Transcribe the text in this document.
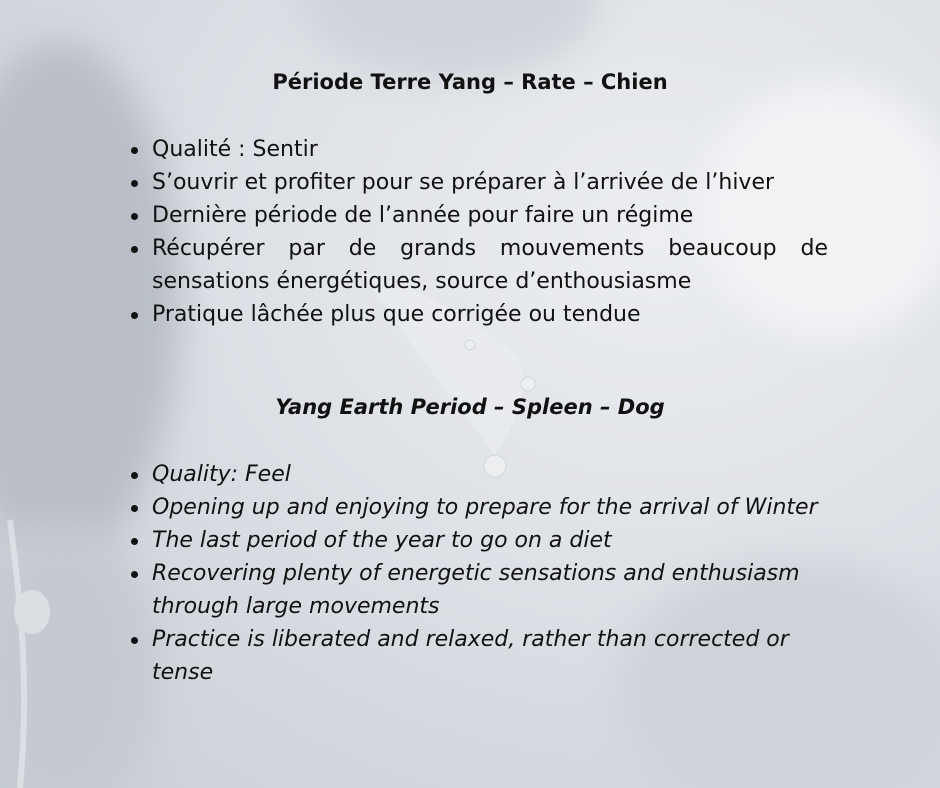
Période Terre Yang – Rate – Chien
Qualité : Sentir
S’ouvrir et profiter pour se préparer à l’arrivée de l’hiver
Dernière période de l’année pour faire un régime
Récupérer par de grands mouvements beaucoup de sensations énergétiques, source d’enthousiasme
Pratique lâchée plus que corrigée ou tendue
Yang Earth Period – Spleen – Dog
Quality: Feel
Opening up and enjoying to prepare for the arrival of Winter
The last period of the year to go on a diet
Recovering plenty of energetic sensations and enthusiasm through large movements
Practice is liberated and relaxed, rather than corrected or tense
